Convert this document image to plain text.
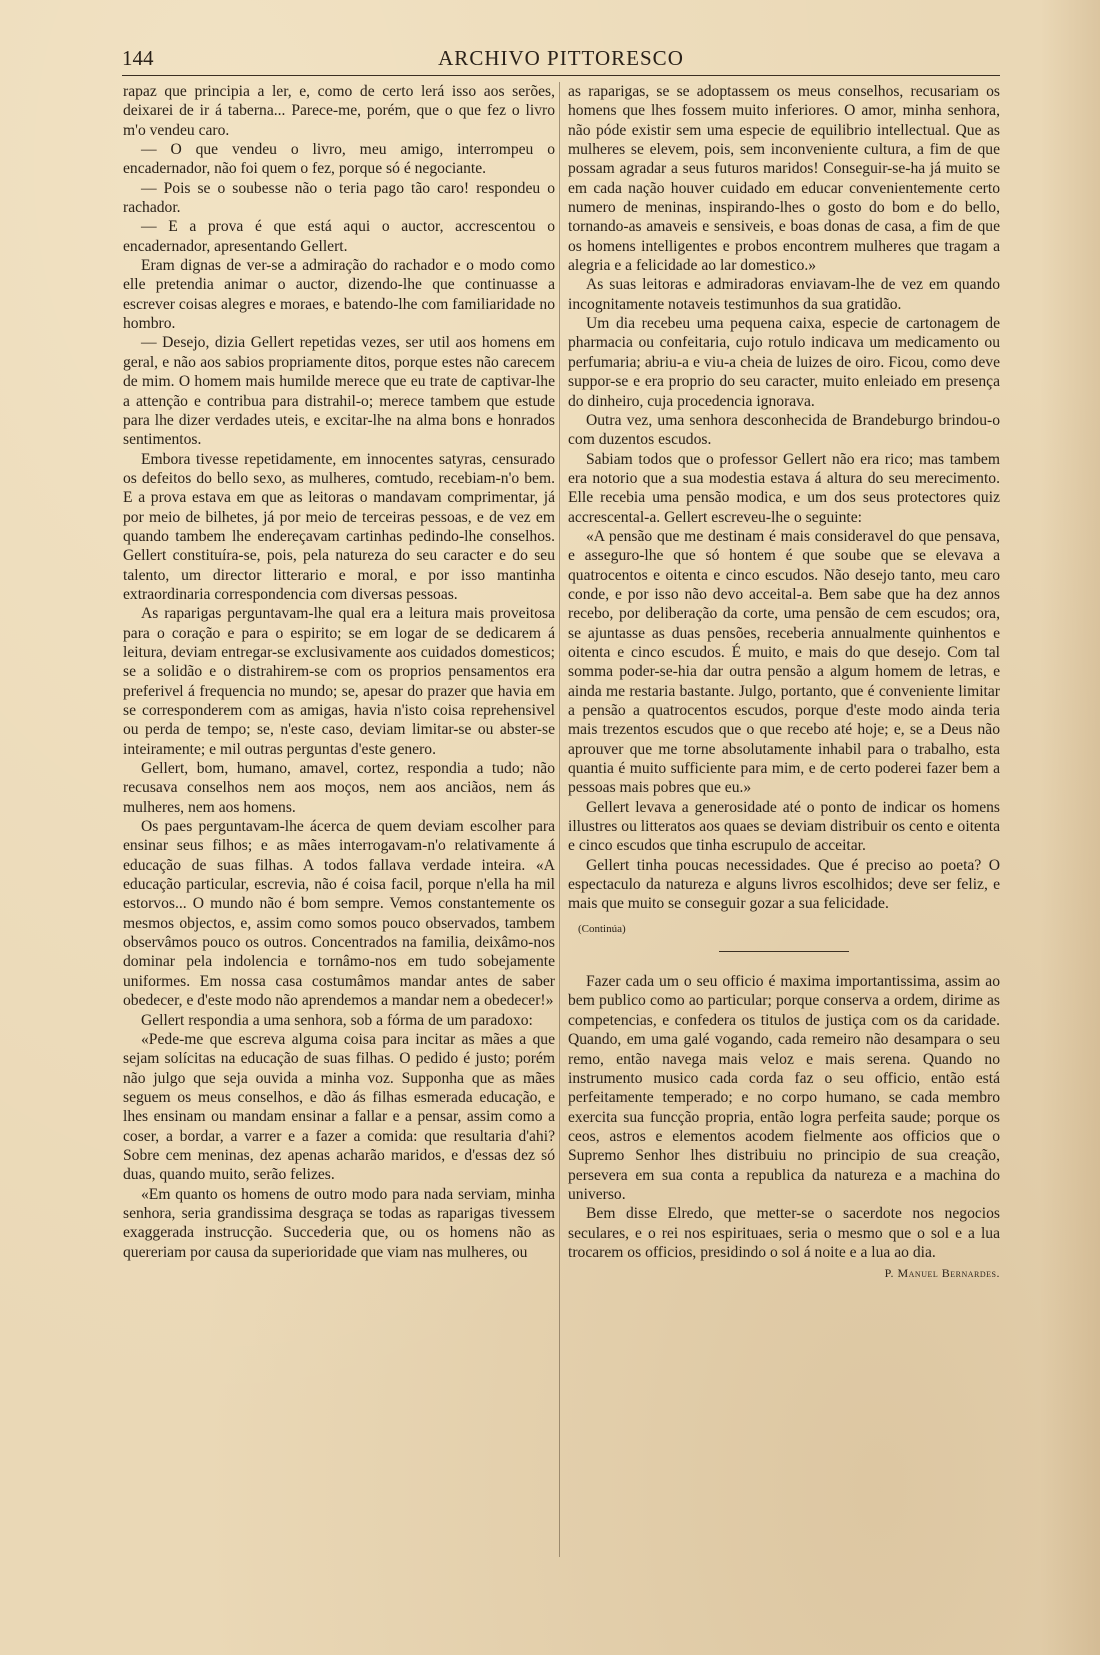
144	ARCHIVO PITTORESCO

rapaz que principia a ler, e, como de certo lerá isso aos serões, deixarei de ir á taberna... Parece-me, porém, que o que fez o livro m'o vendeu caro.

— O que vendeu o livro, meu amigo, interrompeu o encadernador, não foi quem o fez, porque só é negociante.

— Pois se o soubesse não o teria pago tão caro! respondeu o rachador.

— E a prova é que está aqui o auctor, accrescentou o encadernador, apresentando Gellert.

Eram dignas de ver-se a admiração do rachador e o modo como elle pretendia animar o auctor, dizendo-lhe que continuasse a escrever coisas alegres e moraes, e batendo-lhe com familiaridade no hombro.

— Desejo, dizia Gellert repetidas vezes, ser util aos homens em geral, e não aos sabios propriamente ditos, porque estes não carecem de mim. O homem mais humilde merece que eu trate de captivar-lhe a attenção e contribua para distrahil-o; merece tambem que estude para lhe dizer verdades uteis, e excitar-lhe na alma bons e honrados sentimentos.

Embora tivesse repetidamente, em innocentes satyras, censurado os defeitos do bello sexo, as mulheres, comtudo, recebiam-n'o bem. E a prova estava em que as leitoras o mandavam comprimentar, já por meio de bilhetes, já por meio de terceiras pessoas, e de vez em quando tambem lhe endereçavam cartinhas pedindo-lhe conselhos. Gellert constituíra-se, pois, pela natureza do seu caracter e do seu talento, um director litterario e moral, e por isso mantinha extraordinaria correspondencia com diversas pessoas.

As raparigas perguntavam-lhe qual era a leitura mais proveitosa para o coração e para o espirito; se em logar de se dedicarem á leitura, deviam entregar-se exclusivamente aos cuidados domesticos; se a solidão e o distrahirem-se com os proprios pensamentos era preferivel á frequencia no mundo; se, apesar do prazer que havia em se corresponderem com as amigas, havia n'isto coisa reprehensivel ou perda de tempo; se, n'este caso, deviam limitar-se ou abster-se inteiramente; e mil outras perguntas d'este genero.

Gellert, bom, humano, amavel, cortez, respondia a tudo; não recusava conselhos nem aos moços, nem aos anciãos, nem ás mulheres, nem aos homens.

Os paes perguntavam-lhe ácerca de quem deviam escolher para ensinar seus filhos; e as mães interrogavam-n'o relativamente á educação de suas filhas. A todos fallava verdade inteira. «A educação particular, escrevia, não é coisa facil, porque n'ella ha mil estorvos... O mundo não é bom sempre. Vemos constantemente os mesmos objectos, e, assim como somos pouco observados, tambem observâmos pouco os outros. Concentrados na familia, deixâmo-nos dominar pela indolencia e tornâmo-nos em tudo sobejamente uniformes. Em nossa casa costumâmos mandar antes de saber obedecer, e d'este modo não aprendemos a mandar nem a obedecer!»

Gellert respondia a uma senhora, sob a fórma de um paradoxo:

«Pede-me que escreva alguma coisa para incitar as mães a que sejam solícitas na educação de suas filhas. O pedido é justo; porém não julgo que seja ouvida a minha voz. Supponha que as mães seguem os meus conselhos, e dão ás filhas esmerada educação, e lhes ensinam ou mandam ensinar a fallar e a pensar, assim como a coser, a bordar, a varrer e a fazer a comida: que resultaria d'ahi? Sobre cem meninas, dez apenas acharão maridos, e d'essas dez só duas, quando muito, serão felizes.

«Em quanto os homens de outro modo para nada serviam, minha senhora, seria grandissima desgraça se todas as raparigas tivessem exaggerada instrucção. Succederia que, ou os homens não as quereriam por causa da superioridade que viam nas mulheres, ou

as raparigas, se se adoptassem os meus conselhos, recusariam os homens que lhes fossem muito inferiores. O amor, minha senhora, não póde existir sem uma especie de equilibrio intellectual. Que as mulheres se elevem, pois, sem inconveniente cultura, a fim de que possam agradar a seus futuros maridos! Conseguir-se-ha já muito se em cada nação houver cuidado em educar convenientemente certo numero de meninas, inspirando-lhes o gosto do bom e do bello, tornando-as amaveis e sensiveis, e boas donas de casa, a fim de que os homens intelligentes e probos encontrem mulheres que tragam a alegria e a felicidade ao lar domestico.»

As suas leitoras e admiradoras enviavam-lhe de vez em quando incognitamente notaveis testimunhos da sua gratidão.

Um dia recebeu uma pequena caixa, especie de cartonagem de pharmacia ou confeitaria, cujo rotulo indicava um medicamento ou perfumaria; abriu-a e viu-a cheia de luizes de oiro. Ficou, como deve suppor-se e era proprio do seu caracter, muito enleiado em presença do dinheiro, cuja procedencia ignorava.

Outra vez, uma senhora desconhecida de Brandeburgo brindou-o com duzentos escudos.

Sabiam todos que o professor Gellert não era rico; mas tambem era notorio que a sua modestia estava á altura do seu merecimento. Elle recebia uma pensão modica, e um dos seus protectores quiz accrescental-a. Gellert escreveu-lhe o seguinte:

«A pensão que me destinam é mais consideravel do que pensava, e asseguro-lhe que só hontem é que soube que se elevava a quatrocentos e oitenta e cinco escudos. Não desejo tanto, meu caro conde, e por isso não devo acceital-a. Bem sabe que ha dez annos recebo, por deliberação da corte, uma pensão de cem escudos; ora, se ajuntasse as duas pensões, receberia annualmente quinhentos e oitenta e cinco escudos. É muito, e mais do que desejo. Com tal somma poder-se-hia dar outra pensão a algum homem de letras, e ainda me restaria bastante. Julgo, portanto, que é conveniente limitar a pensão a quatrocentos escudos, porque d'este modo ainda teria mais trezentos escudos que o que recebo até hoje; e, se a Deus não aprouver que me torne absolutamente inhabil para o trabalho, esta quantia é muito sufficiente para mim, e de certo poderei fazer bem a pessoas mais pobres que eu.»

Gellert levava a generosidade até o ponto de indicar os homens illustres ou litteratos aos quaes se deviam distribuir os cento e oitenta e cinco escudos que tinha escrupulo de acceitar.

Gellert tinha poucas necessidades. Que é preciso ao poeta? O espectaculo da natureza e alguns livros escolhidos; deve ser feliz, e mais que muito se conseguir gozar a sua felicidade.

(Continúa)

Fazer cada um o seu officio é maxima importantissima, assim ao bem publico como ao particular; porque conserva a ordem, dirime as competencias, e confedera os titulos de justiça com os da caridade. Quando, em uma galé vogando, cada remeiro não desampara o seu remo, então navega mais veloz e mais serena. Quando no instrumento musico cada corda faz o seu officio, então está perfeitamente temperado; e no corpo humano, se cada membro exercita sua funcção propria, então logra perfeita saude; porque os ceos, astros e elementos acodem fielmente aos officios que o Supremo Senhor lhes distribuiu no principio de sua creação, persevera em sua conta a republica da natureza e a machina do universo.

Bem disse Elredo, que metter-se o sacerdote nos negocios seculares, e o rei nos espirituaes, seria o mesmo que o sol e a lua trocarem os officios, presidindo o sol á noite e a lua ao dia.

P. Manuel Bernardes.
